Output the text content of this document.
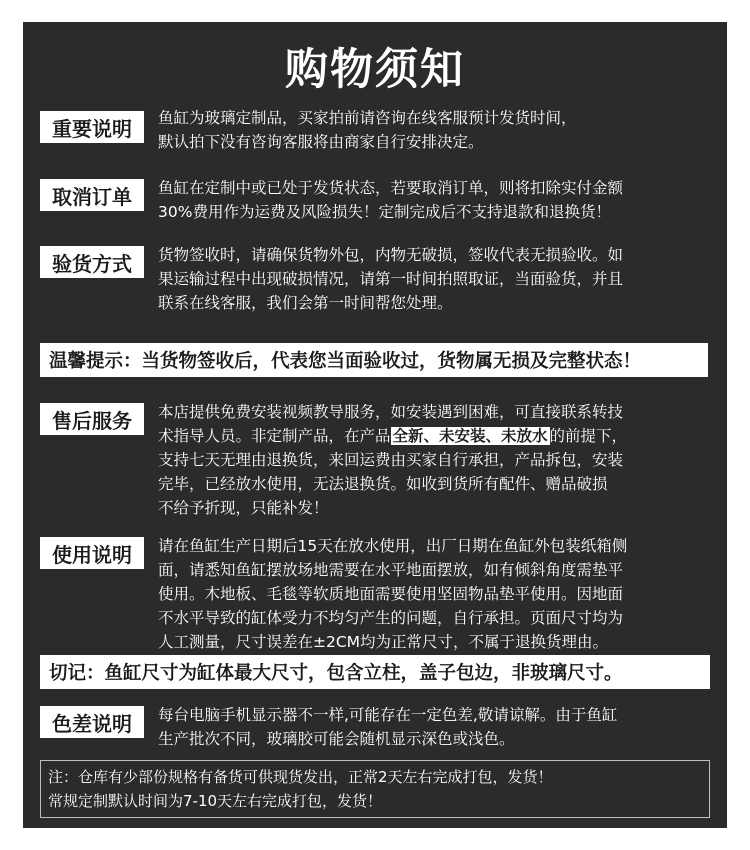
购物须知
重要说明	鱼缸为玻璃定制品，买家拍前请咨询在线客服预计发货时间，
默认拍下没有咨询客服将由商家自行安排决定。
取消订单	鱼缸在定制中或已处于发货状态，若要取消订单，则将扣除实付金额
30%费用作为运费及风险损失！定制完成后不支持退款和退换货！
验货方式	货物签收时，请确保货物外包，内物无破损，签收代表无损验收。如
果运输过程中出现破损情况，请第一时间拍照取证，当面验货，并且
联系在线客服，我们会第一时间帮您处理。
温馨提示：当货物签收后，代表您当面验收过，货物属无损及完整状态！
售后服务	本店提供免费安装视频教导服务，如安装遇到困难，可直接联系转技
术指导人员。非定制产品，在产品 全新、未安装、未放水 的前提下，
支持七天无理由退换货，来回运费由买家自行承担，产品拆包，安装
完毕，已经放水使用，无法退换货。如收到货所有配件、赠品破损
不给予折现，只能补发！
使用说明	请在鱼缸生产日期后15天在放水使用，出厂日期在鱼缸外包装纸箱侧
面，请悉知鱼缸摆放场地需要在水平地面摆放，如有倾斜角度需垫平
使用。木地板、毛毯等软质地面需要使用坚固物品垫平使用。因地面
不水平导致的缸体受力不均匀产生的问题，自行承担。页面尺寸均为
人工测量，尺寸误差在±2CM均为正常尺寸，不属于退换货理由。
切记：鱼缸尺寸为缸体最大尺寸，包含立柱，盖子包边，非玻璃尺寸。
色差说明	每台电脑手机显示器不一样,可能存在一定色差,敬请谅解。由于鱼缸
生产批次不同，玻璃胶可能会随机显示深色或浅色。
注：仓库有少部份规格有备货可供现货发出，正常2天左右完成打包，发货！
常规定制默认时间为7-10天左右完成打包，发货！
